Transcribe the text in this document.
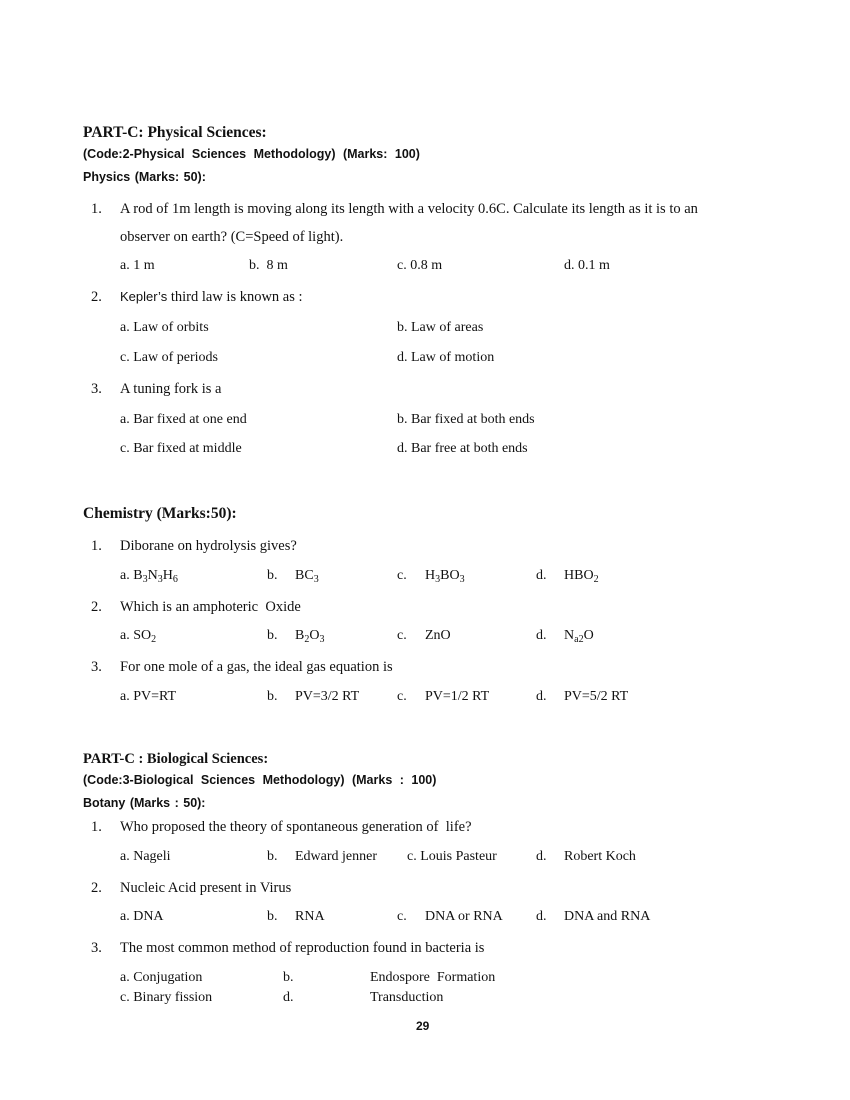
PART-C: Physical Sciences:
(Code:2-Physical Sciences Methodology) (Marks: 100)
Physics (Marks: 50):
1. A rod of 1m length is moving along its length with a velocity 0.6C. Calculate its length as it is to an
observer on earth? (C=Speed of light).
a. 1 m	b.  8 m	c. 0.8 m	d. 0.1 m
2. Kepler’s third law is known as :
a. Law of orbits	b. Law of areas
c. Law of periods	d. Law of motion
3. A tuning fork is a
a. Bar fixed at one end	b. Bar fixed at both ends
c. Bar fixed at middle	d. Bar free at both ends
Chemistry (Marks:50):
1. Diborane on hydrolysis gives?
a. $B_3N_3H_6$	b. $BC_3$	c. $H_3BO_3$	d. $HBO_2$
2. Which is an amphoteric  Oxide
a. $SO_2$	b. $B_2O_3$	c. ZnO	d. $N_{a2}O$
3. For one mole of a gas, the ideal gas equation is
a. PV=RT	b. PV=3/2 RT	c. PV=1/2 RT	d. PV=5/2 RT
PART-C : Biological Sciences:
(Code:3-Biological Sciences Methodology) (Marks : 100)
Botany (Marks : 50):
1. Who proposed the theory of spontaneous generation of  life?
a. Nageli	b. Edward jenner c. Louis Pasteur	d. Robert Koch
2. Nucleic Acid present in Virus
a. DNA	b. RNA	c. DNA or RNA d. DNA and RNA
3. The most common method of reproduction found in bacteria is
a. Conjugation	b.	Endospore  Formation
c. Binary fission	d.	Transduction
29
